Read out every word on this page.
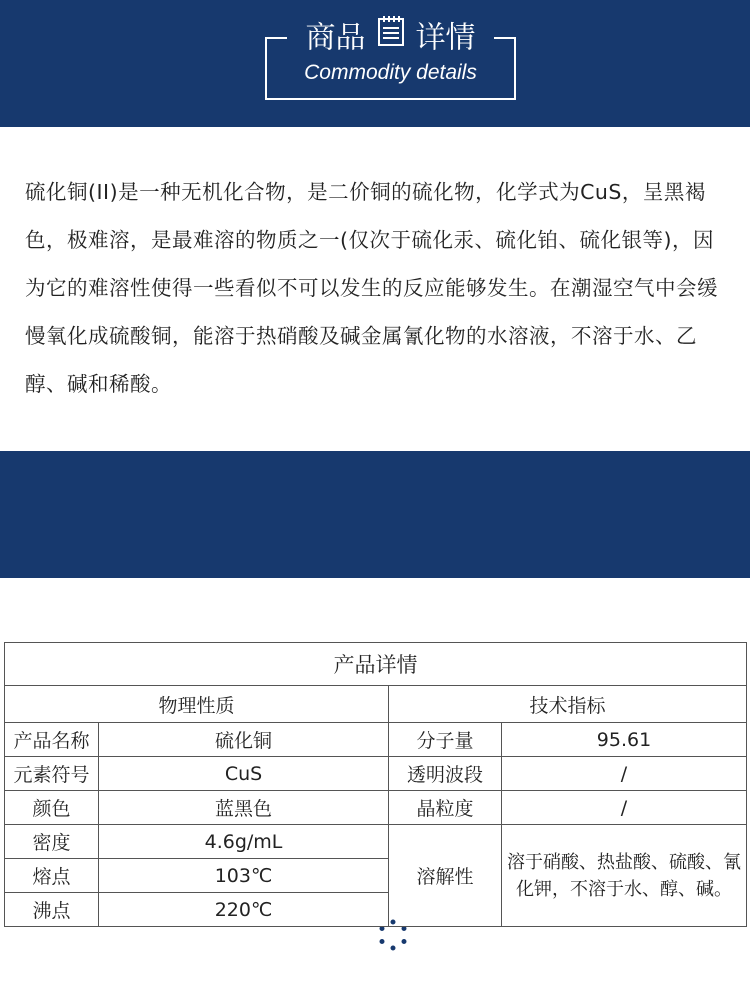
商品 详情
Commodity details

硫化铜(II)是一种无机化合物，是二价铜的硫化物，化学式为CuS，呈黑褐色，极难溶，是最难溶的物质之一(仅次于硫化汞、硫化铂、硫化银等)，因为它的难溶性使得一些看似不可以发生的反应能够发生。在潮湿空气中会缓慢氧化成硫酸铜，能溶于热硝酸及碱金属氰化物的水溶液，不溶于水、乙醇、碱和稀酸。

产品 详情
Chemical composition
产品详情			
物理性质		技术指标	
产品名称	硫化铜	分子量	95.61
元素符号	CuS	透明波段	/
颜色	蓝黑色	晶粒度	/
密度	4.6g/mL	溶解性	溶于硝酸、热盐酸、硫酸、氰化钾，不溶于水、醇、碱。
熔点	103℃		
沸点	220℃		
